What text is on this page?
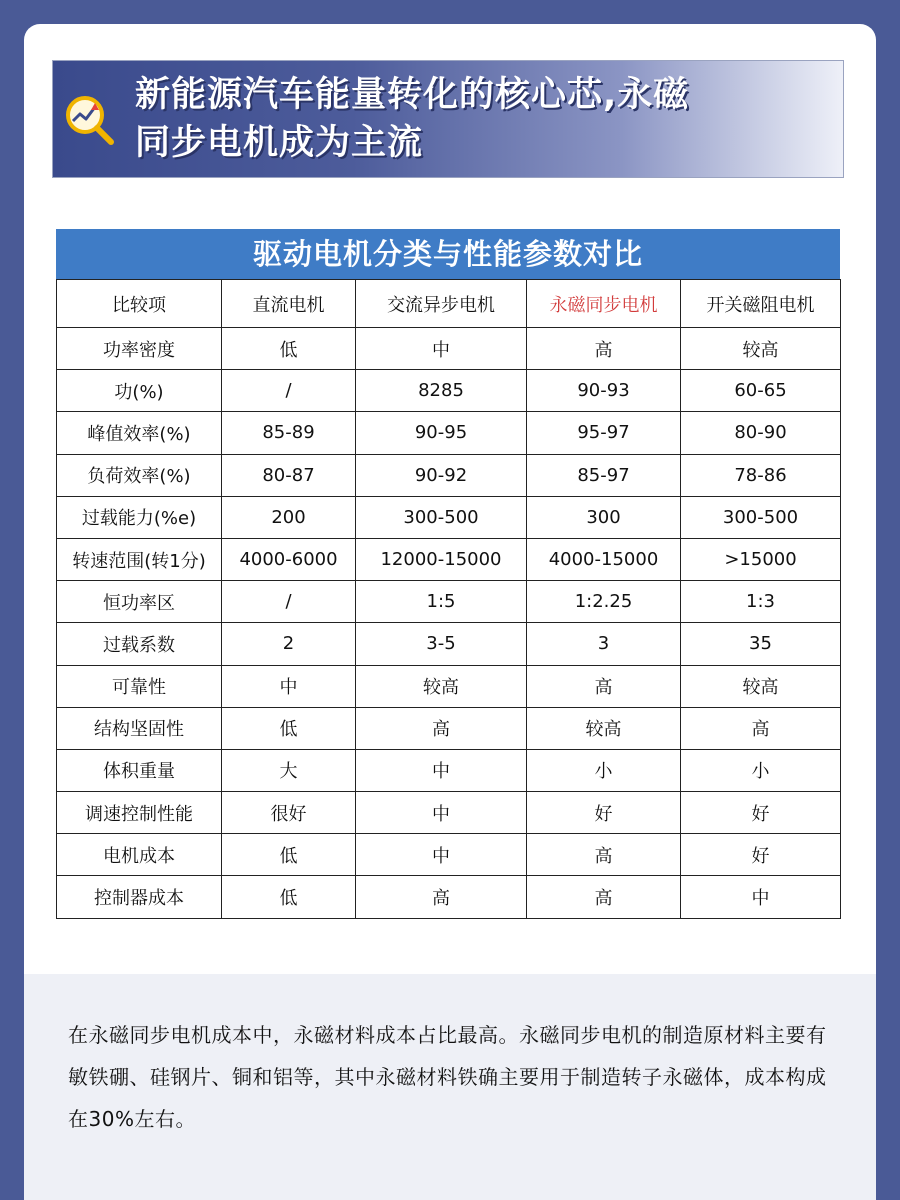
新能源汽车能量转化的核心芯,永磁
同步电机成为主流
驱动电机分类与性能参数对比
比较项	直流电机	交流异步电机	永磁同步电机	开关磁阻电机
功率密度	低	中	高	较高
功(%)	/	8285	90-93	60-65
峰值效率(%)	85-89	90-95	95-97	80-90
负荷效率(%)	80-87	90-92	85-97	78-86
过载能力(%e)	200	300-500	300	300-500
转速范围(转1分)	4000-6000	12000-15000	4000-15000	>15000
恒功率区	/	1:5	1:2.25	1:3
过载系数	2	3-5	3	35
可靠性	中	较高	高	较高
结构坚固性	低	高	较高	高
体积重量	大	中	小	小
调速控制性能	很好	中	好	好
电机成本	低	中	高	好
控制器成本	低	高	高	中

在永磁同步电机成本中，永磁材料成本占比最高。永磁同步电机的制造原材料主要有敏铁硼、硅钢片、铜和铝等，其中永磁材料铁确主要用于制造转子永磁体，成本构成在30%左右。
